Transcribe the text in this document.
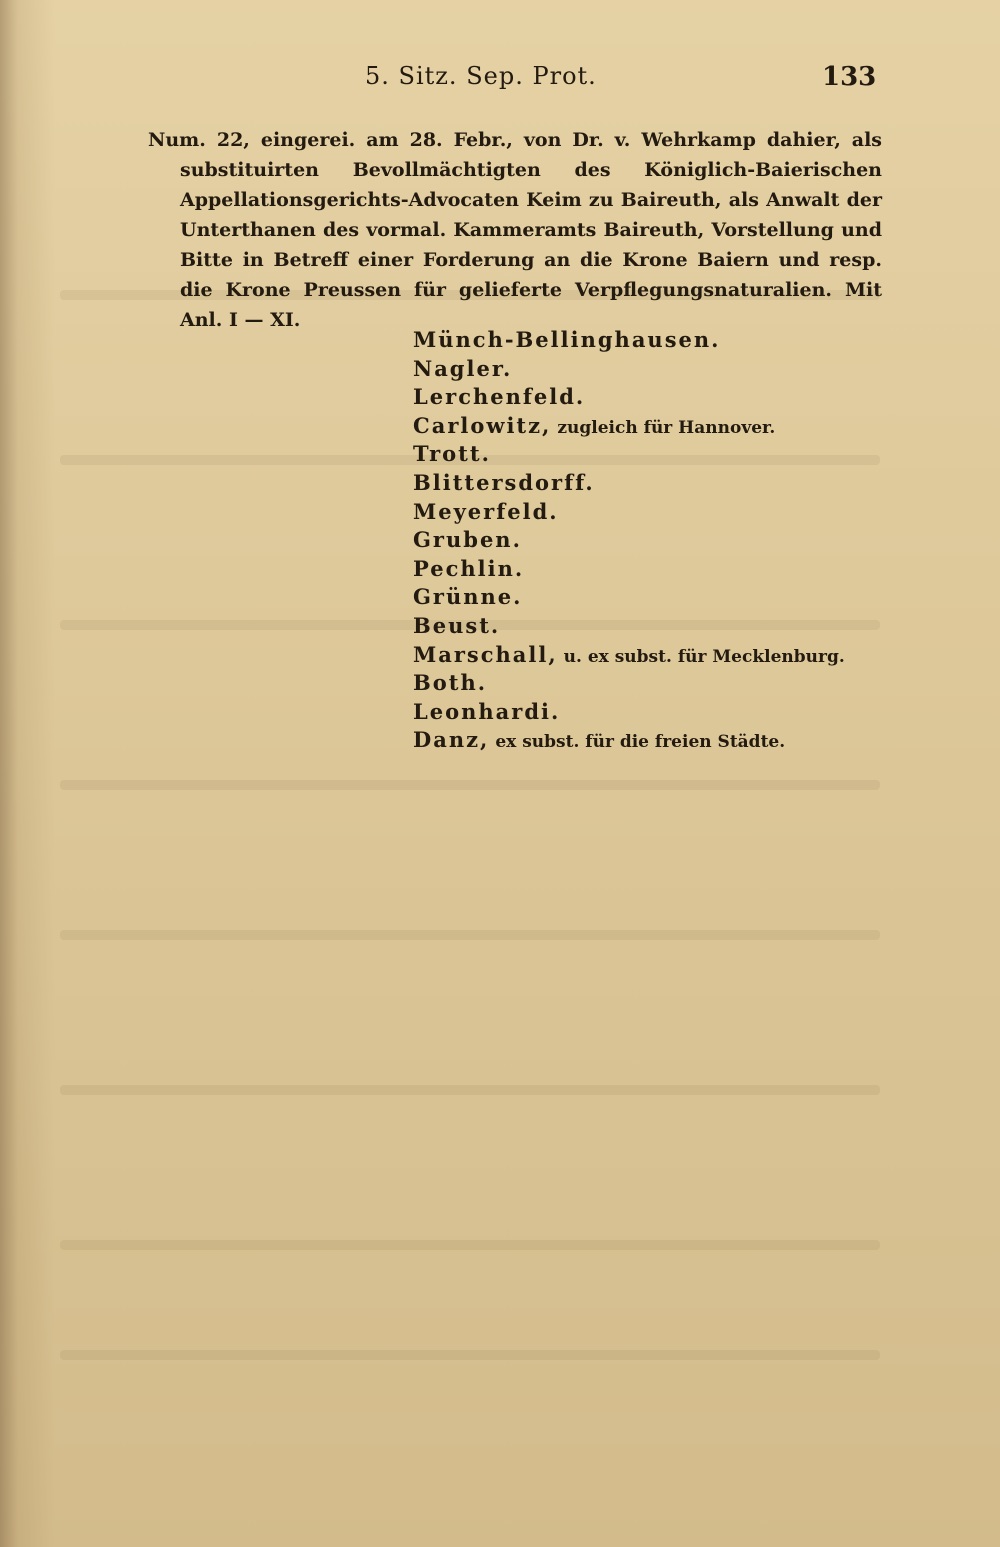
5. Sitz. Sep. Prot.	133

Num. 22, eingerei. am 28. Febr., von Dr. v. Wehrkamp dahier, als substituirten Bevollmächtigten des Königlich-Baierischen Appellationsgerichts-Advocaten Keim zu Baireuth, als Anwalt der Unterthanen des vormal. Kammeramts Baireuth, Vorstellung und Bitte in Betreff einer Forderung an die Krone Baiern und resp. die Krone Preussen für gelieferte Verpflegungsnaturalien. Mit Anl. I — XI.

Münch-Bellinghausen.
Nagler.
Lerchenfeld.
Carlowitz, zugleich für Hannover.
Trott.
Blittersdorff.
Meyerfeld.
Gruben.
Pechlin.
Grünne.
Beust.
Marschall, u. ex subst. für Mecklenburg.
Both.
Leonhardi.
Danz, ex subst. für die freien Städte.
